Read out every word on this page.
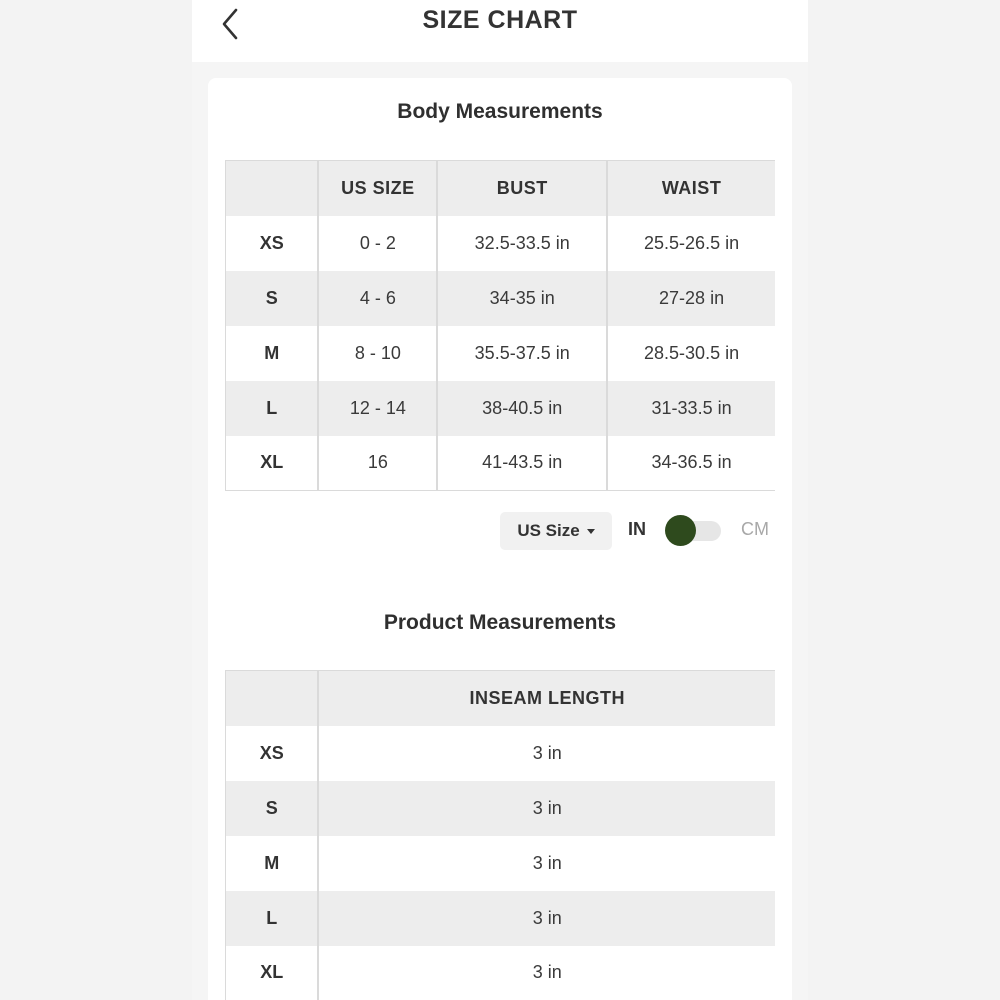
SIZE CHART
Body Measurements
	US SIZE	BUST	WAIST
XS	0 - 2	32.5-33.5 in	25.5-26.5 in
S	4 - 6	34-35 in	27-28 in
M	8 - 10	35.5-37.5 in	28.5-30.5 in
L	12 - 14	38-40.5 in	31-33.5 in
XL	16	41-43.5 in	34-36.5 in
US Size	IN	CM
Product Measurements
	INSEAM LENGTH
XS	3 in
S	3 in
M	3 in
L	3 in
XL	3 in
